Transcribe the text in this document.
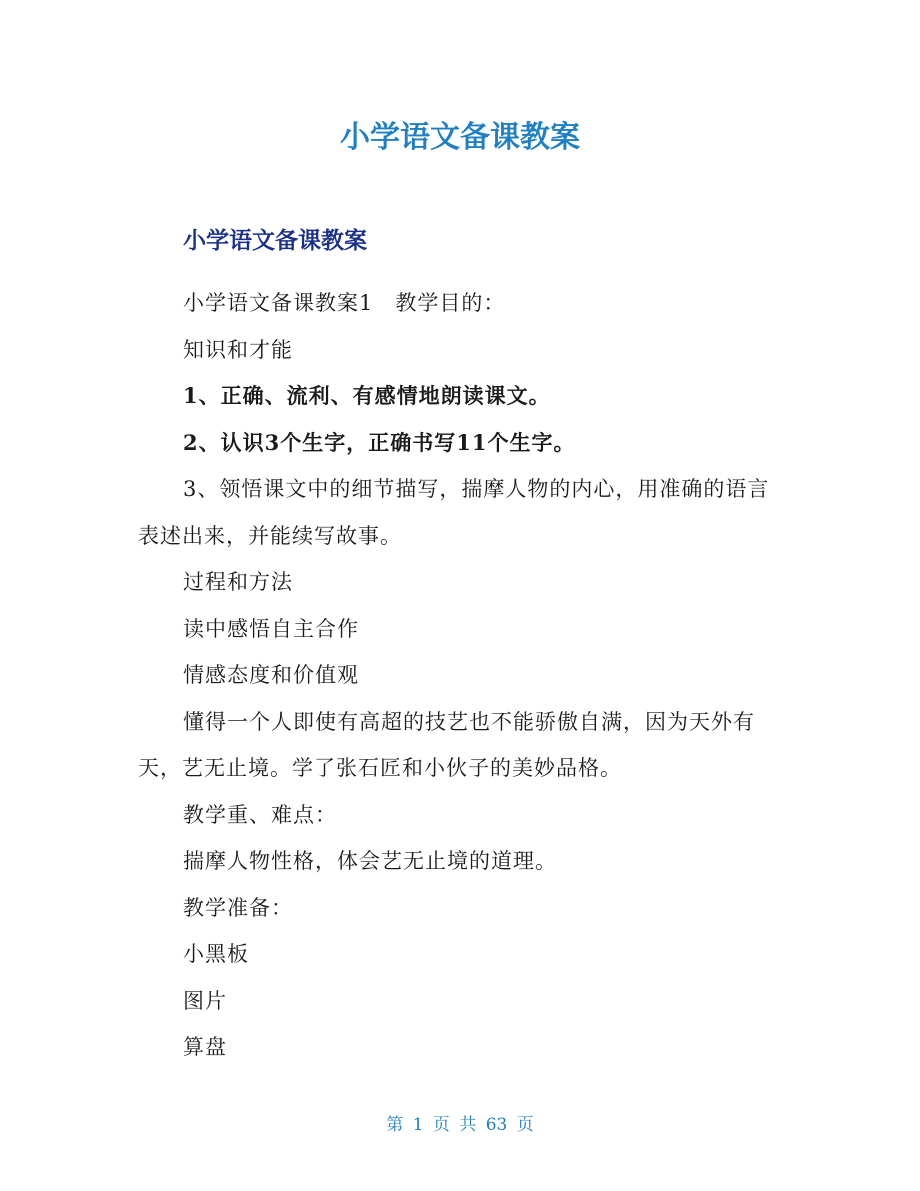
小学语文备课教案
小学语文备课教案

小学语文备课教案1　教学目的：

知识和才能

1、正确、流利、有感情地朗读课文。

2、认识3个生字，正确书写11个生字。

3、领悟课文中的细节描写，揣摩人物的内心，用准确的语言表述出来，并能续写故事。

过程和方法

读中感悟自主合作

情感态度和价值观

懂得一个人即使有高超的技艺也不能骄傲自满，因为天外有天，艺无止境。学了张石匠和小伙子的美妙品格。

教学重、难点：

揣摩人物性格，体会艺无止境的道理。

教学准备：

小黑板

图片

算盘

第 1 页 共 63 页
